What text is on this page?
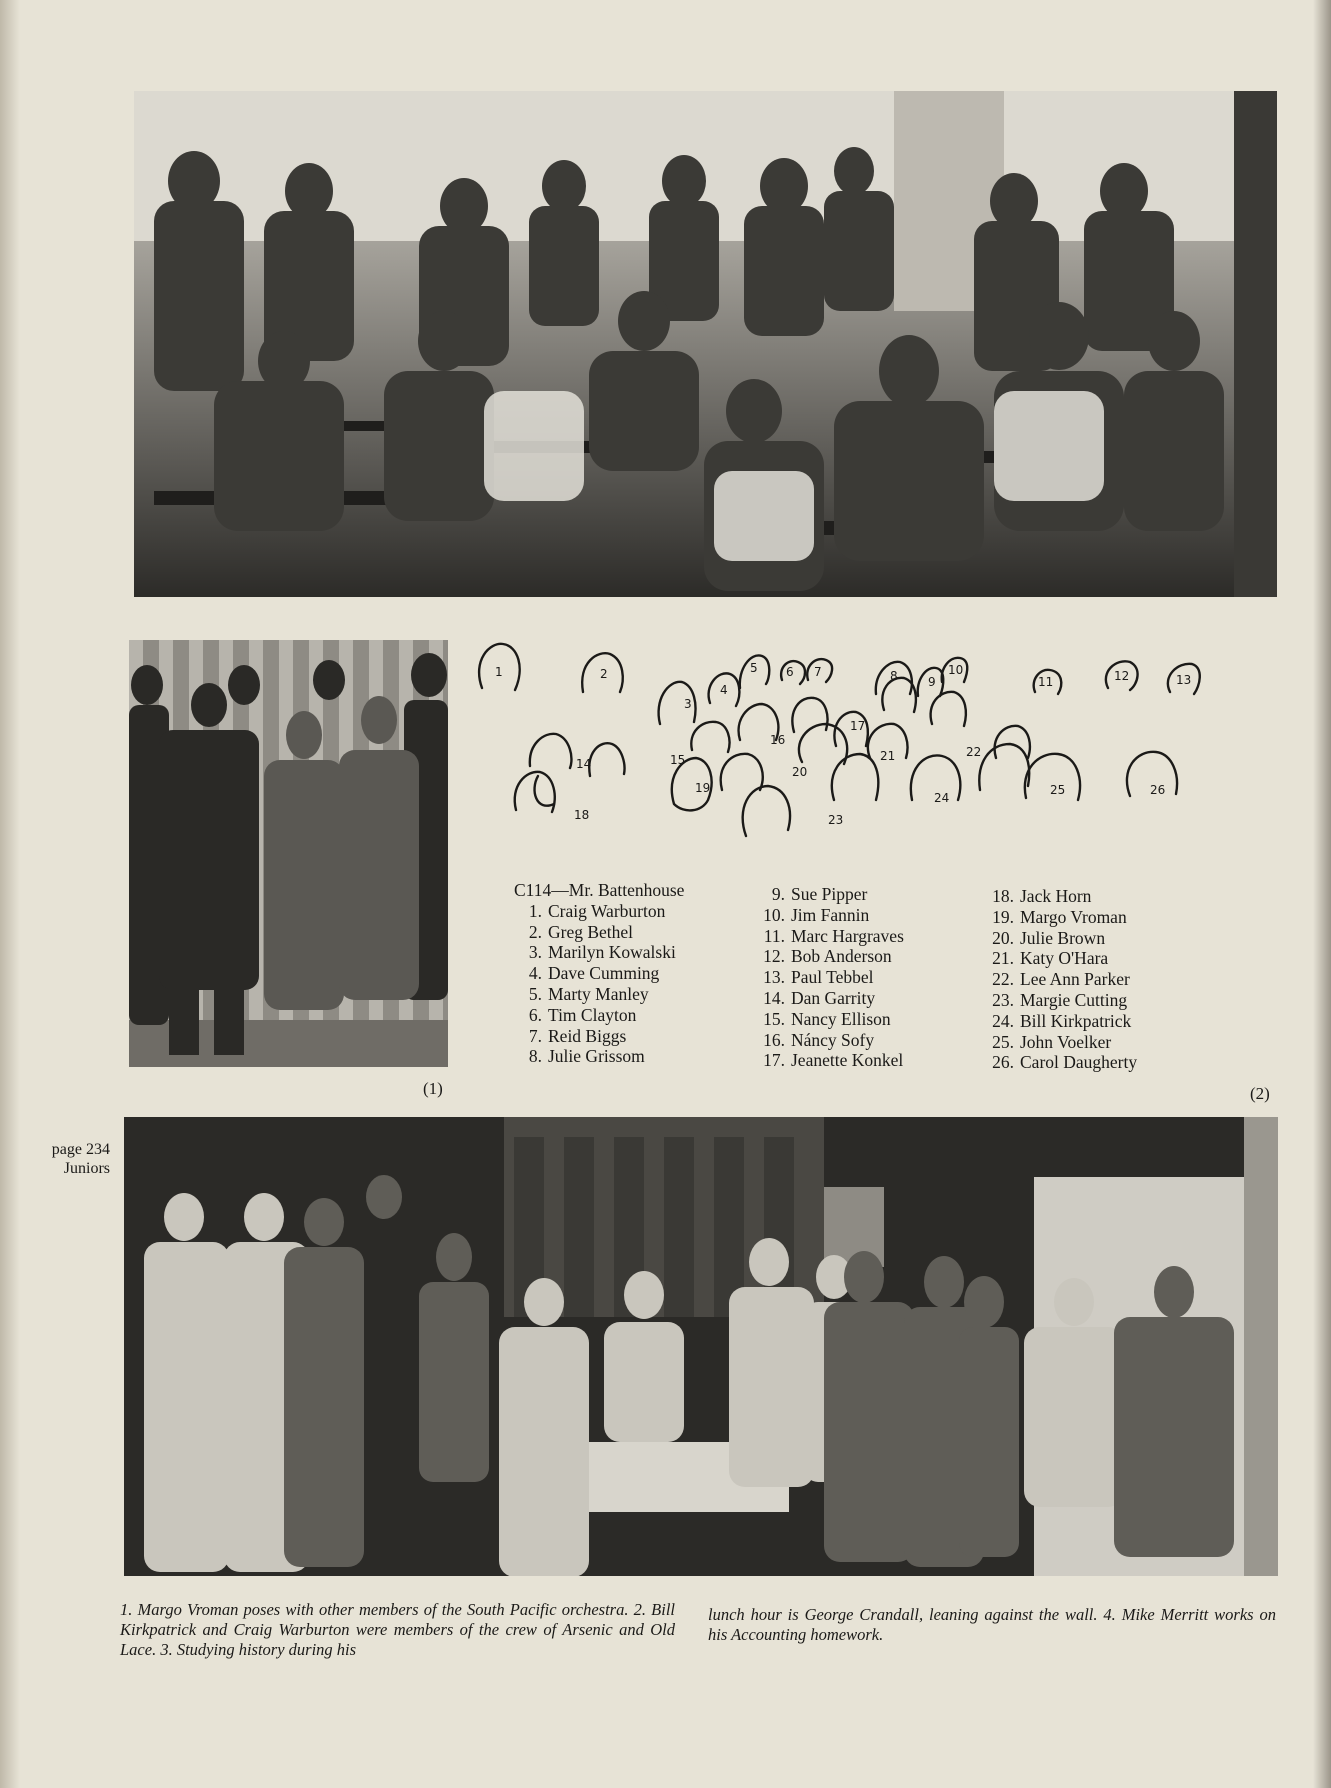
(1)	(2)
page 234
Juniors
1	2
3
4
5 6 7	8	9
10
11	12	13
14	15
16
17
18
19
20
21	22
23
24
25	26
C114—Mr. Battenhouse
1. Craig Warburton
2. Greg Bethel
3. Marilyn Kowalski
4. Dave Cumming
5. Marty Manley
6. Tim Clayton
7. Reid Biggs
8. Julie Grissom
9. Sue Pipper
10. Jim Fannin
11. Marc Hargraves
12. Bob Anderson
13. Paul Tebbel
14. Dan Garrity
15. Nancy Ellison
16. Náncy Sofy
17. Jeanette Konkel
18. Jack Horn
19. Margo Vroman
20. Julie Brown
21. Katy O'Hara
22. Lee Ann Parker
23. Margie Cutting
24. Bill Kirkpatrick
25. John Voelker
26. Carol Daugherty
1. Margo Vroman poses with other members of the South Pacific orchestra. 2. Bill Kirkpatrick and Craig Warburton were members of the crew of Arsenic and Old Lace. 3. Studying history during his
lunch hour is George Crandall, leaning against the wall. 4. Mike Merritt works on his Accounting homework.
